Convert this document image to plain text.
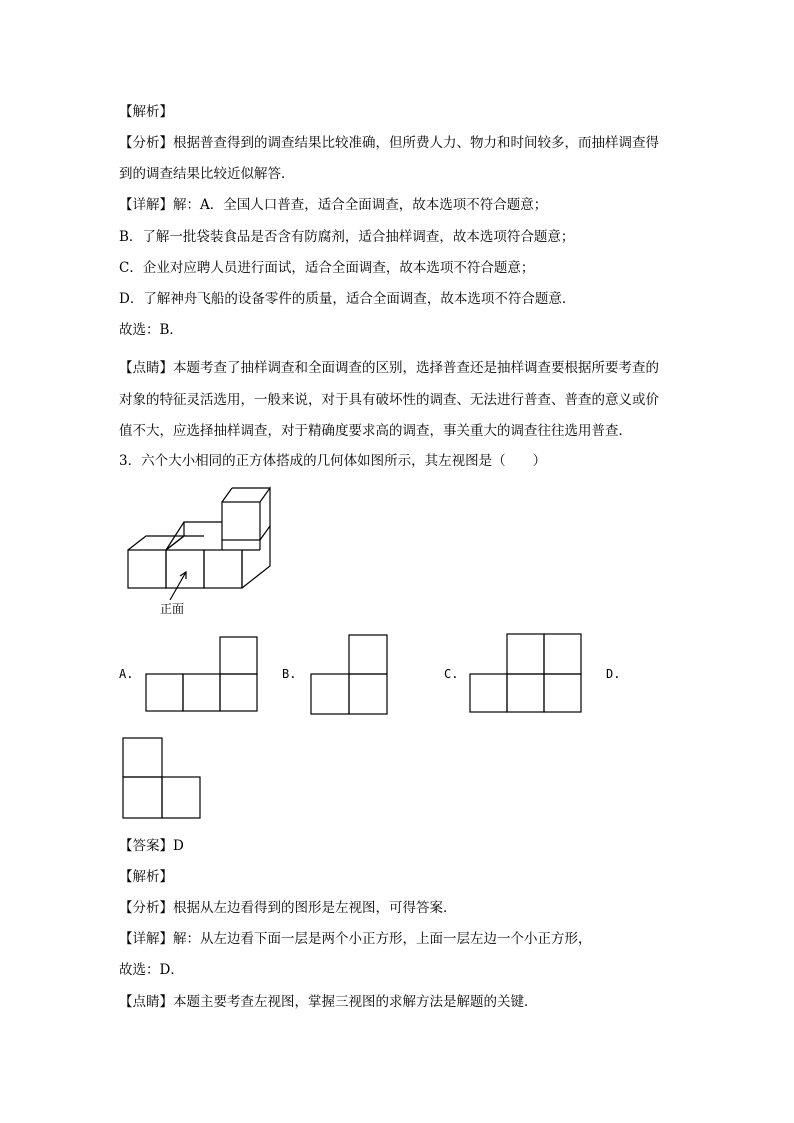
【解析】
【分析】根据普查得到的调查结果比较准确，但所费人力、物力和时间较多，而抽样调查得
到的调查结果比较近似解答．
【详解】解：A．全国人口普查，适合全面调查，故本选项不符合题意；
B．了解一批袋装食品是否含有防腐剂，适合抽样调查，故本选项符合题意；
C．企业对应聘人员进行面试，适合全面调查，故本选项不符合题意；
D．了解神舟飞船的设备零件的质量，适合全面调查，故本选项不符合题意．
故选：B．
【点睛】本题考查了抽样调查和全面调查的区别，选择普查还是抽样调查要根据所要考查的
对象的特征灵活选用，一般来说，对于具有破坏性的调查、无法进行普查、普查的意义或价
值不大，应选择抽样调查，对于精确度要求高的调查，事关重大的调查往往选用普查．
3．六个大小相同的正方体搭成的几何体如图所示，其左视图是（　　）
正面
A.	B.	C.	D.
【答案】D
【解析】
【分析】根据从左边看得到的图形是左视图，可得答案．
【详解】解：从左边看下面一层是两个小正方形，上面一层左边一个小正方形，
故选：D．
【点睛】本题主要考查左视图，掌握三视图的求解方法是解题的关键．
